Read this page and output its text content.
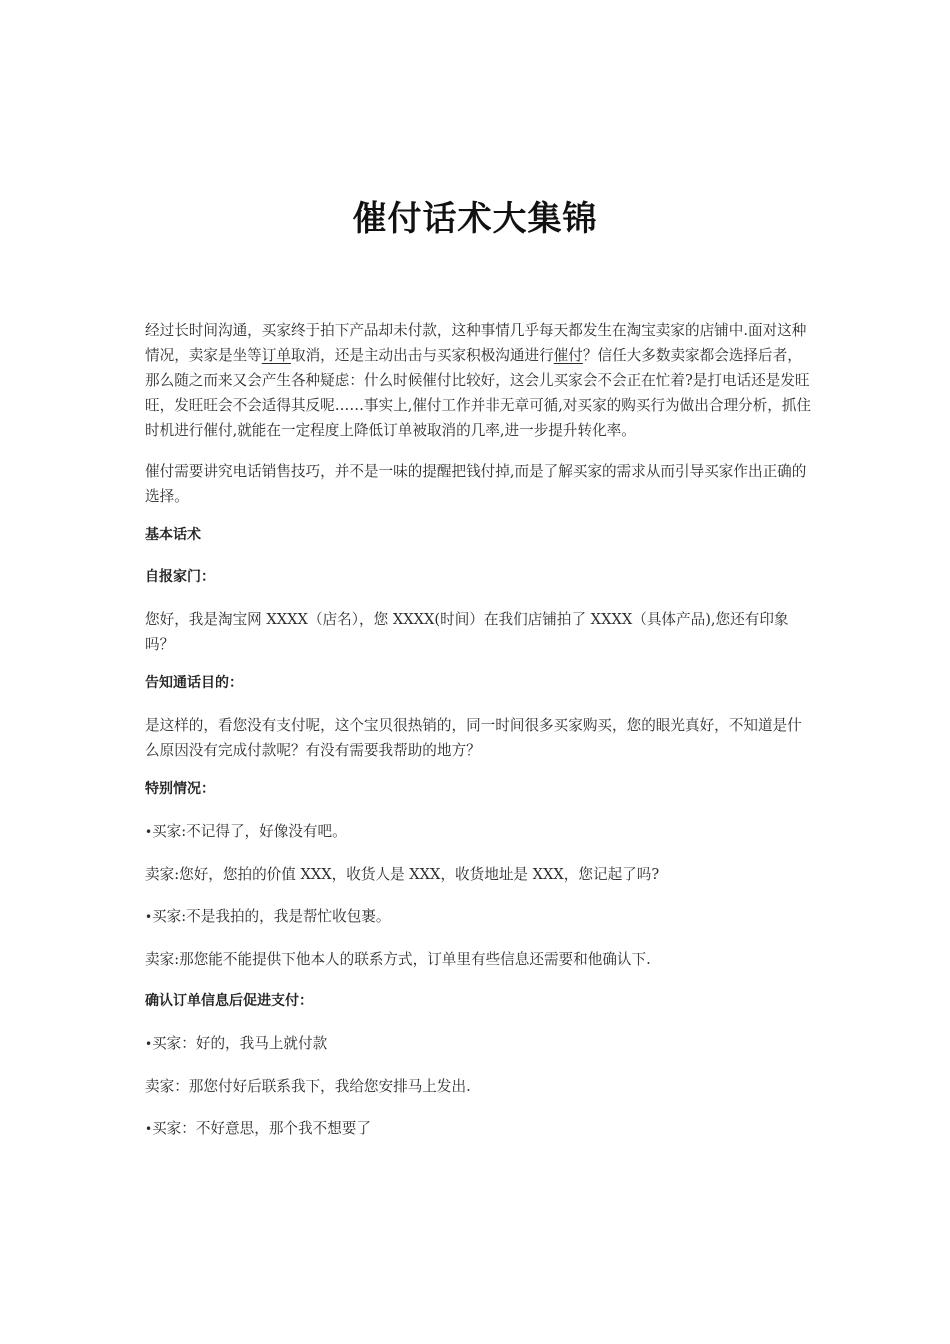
催付话术大集锦

经过长时间沟通，买家终于拍下产品却未付款，这种事情几乎每天都发生在淘宝卖家的店铺中.面对这种情况，卖家是坐等订单取消，还是主动出击与买家积极沟通进行催付？信任大多数卖家都会选择后者，那么随之而来又会产生各种疑虑：什么时候催付比较好，这会儿买家会不会正在忙着?是打电话还是发旺旺，发旺旺会不会适得其反呢……事实上,催付工作并非无章可循,对买家的购买行为做出合理分析，抓住时机进行催付,就能在一定程度上降低订单被取消的几率,进一步提升转化率。

催付需要讲究电话销售技巧，并不是一味的提醒把钱付掉,而是了解买家的需求从而引导买家作出正确的选择。

基本话术
自报家门：

您好，我是淘宝网 XXXX（店名），您 XXXX(时间）在我们店铺拍了 XXXX（具体产品),您还有印象吗？

告知通话目的：

是这样的，看您没有支付呢，这个宝贝很热销的，同一时间很多买家购买，您的眼光真好，不知道是什么原因没有完成付款呢？有没有需要我帮助的地方？

特别情况：

•买家:不记得了，好像没有吧。

卖家:您好，您拍的价值 XXX，收货人是 XXX，收货地址是 XXX，您记起了吗?

•买家:不是我拍的，我是帮忙收包裹。

卖家:那您能不能提供下他本人的联系方式，订单里有些信息还需要和他确认下.

确认订单信息后促进支付：

•买家：好的，我马上就付款

卖家：那您付好后联系我下，我给您安排马上发出.

•买家：不好意思，那个我不想要了
